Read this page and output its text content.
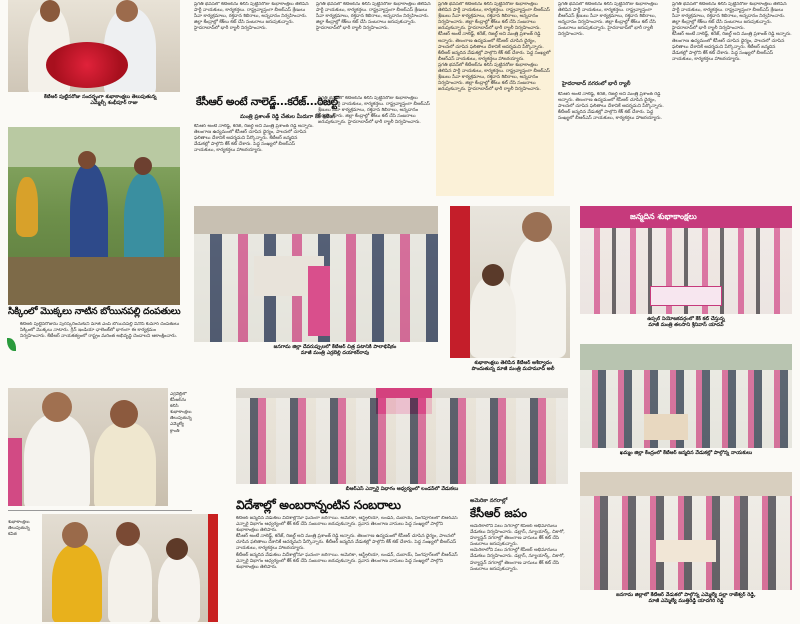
కేటీఆర్‌ పుట్టినరోజు సందర్భంగా శుభాకాంక్షలు తెలుపుతున్న
ఎమ్మెల్సీ శంభీపూర్‌ రాజు
సిక్కింలో మొక్కలు నాటిన బోయినపల్లి దంపతులు

కేటీఆర్‌ పుట్టినరోజును పురస్కరించుకుని మాజీ ఎంపీ బోయినపల్లి వినోద్‌ కుమార్‌ దంపతులు సిక్కింలో మొక్కలు నాటారు. గ్రీన్‌ ఇండియా ఛాలెంజ్‌లో భాగంగా ఈ కార్యక్రమం నిర్వహించారు. కేటీఆర్‌ నాయకత్వంలో రాష్ట్రం మరింత అభివృద్ధి చెందాలని ఆకాంక్షించారు.

ఎర్రవెల్లిలో కేసీఆర్‌ను కలిసి శుభాకాంక్షలు తెలుపుతున్న ఎమ్మెల్యే క్రాంతి

శుభాకాంక్షలు తెలుపుతున్న కవిత

ప్రగతి భవన్‌లో కేటీఆర్‌ను కలిసి పుట్టినరోజు శుభాకాంక్షలు తెలిపిన పార్టీ నాయకులు, కార్యకర్తలు. రాష్ట్రవ్యాప్తంగా బీఆర్‌ఎస్‌ శ్రేణులు సేవా కార్యక్రమాలు, రక్తదాన శిబిరాలు, అన్నదానం నిర్వహించారు. జిల్లా కేంద్రాల్లో కేక్‌లు కట్‌ చేసి సంబరాలు జరుపుకున్నారు. హైదరాబాద్‌లో భారీ ర్యాలీ నిర్వహించారు.

ప్రగతి భవన్‌లో కేటీఆర్‌ను కలిసి పుట్టినరోజు శుభాకాంక్షలు తెలిపిన పార్టీ నాయకులు, కార్యకర్తలు. రాష్ట్రవ్యాప్తంగా బీఆర్‌ఎస్‌ శ్రేణులు సేవా కార్యక్రమాలు, రక్తదాన శిబిరాలు, అన్నదానం నిర్వహించారు. జిల్లా కేంద్రాల్లో కేక్‌లు కట్‌ చేసి సంబరాలు జరుపుకున్నారు. హైదరాబాద్‌లో భారీ ర్యాలీ నిర్వహించారు.

ప్రగతి భవన్‌లో కేటీఆర్‌ను కలిసి పుట్టినరోజు శుభాకాంక్షలు తెలిపిన పార్టీ నాయకులు, కార్యకర్తలు. రాష్ట్రవ్యాప్తంగా బీఆర్‌ఎస్‌ శ్రేణులు సేవా కార్యక్రమాలు, రక్తదాన శిబిరాలు, అన్నదానం నిర్వహించారు. జిల్లా కేంద్రాల్లో కేక్‌లు కట్‌ చేసి సంబరాలు జరుపుకున్నారు. హైదరాబాద్‌లో భారీ ర్యాలీ నిర్వహించారు.

కేసీఆర్‌ అంటే నాలెడ్జ్‌, కరేజ్‌, రిజల్ట్‌ అని మంత్రి ప్రశాంత్‌ రెడ్డి అన్నారు. తెలంగాణ ఉద్యమంలో కేసీఆర్‌ చూపిన ధైర్యం, పాలనలో చూపిన ఫలితాలు దేశానికే ఆదర్శమని పేర్కొన్నారు. కేటీఆర్‌ జన్మదిన వేడుకల్లో పాల్గొని కేక్‌ కట్‌ చేశారు. పెద్ద సంఖ్యలో బీఆర్‌ఎస్‌ నాయకులు, కార్యకర్తలు హాజరయ్యారు.

ప్రగతి భవన్‌లో కేటీఆర్‌ను కలిసి పుట్టినరోజు శుభాకాంక్షలు తెలిపిన పార్టీ నాయకులు, కార్యకర్తలు. రాష్ట్రవ్యాప్తంగా బీఆర్‌ఎస్‌ శ్రేణులు సేవా కార్యక్రమాలు, రక్తదాన శిబిరాలు, అన్నదానం నిర్వహించారు. జిల్లా కేంద్రాల్లో కేక్‌లు కట్‌ చేసి సంబరాలు జరుపుకున్నారు. హైదరాబాద్‌లో భారీ ర్యాలీ నిర్వహించారు.

కేసీఆర్‌ అంటే నాలెడ్జ్‌...కరేజ్‌...రిజల్ట్
మంత్రి ప్రశాంత్‌ రెడ్డి చేతుల మీదుగా కేక్‌ కటింగ్

కేసీఆర్‌ అంటే నాలెడ్జ్‌, కరేజ్‌, రిజల్ట్‌ అని మంత్రి ప్రశాంత్‌ రెడ్డి అన్నారు. తెలంగాణ ఉద్యమంలో కేసీఆర్‌ చూపిన ధైర్యం, పాలనలో చూపిన ఫలితాలు దేశానికే ఆదర్శమని పేర్కొన్నారు. కేటీఆర్‌ జన్మదిన వేడుకల్లో పాల్గొని కేక్‌ కట్‌ చేశారు. పెద్ద సంఖ్యలో బీఆర్‌ఎస్‌ నాయకులు, కార్యకర్తలు హాజరయ్యారు.

ప్రగతి భవన్‌లో కేటీఆర్‌ను కలిసి పుట్టినరోజు శుభాకాంక్షలు తెలిపిన పార్టీ నాయకులు, కార్యకర్తలు. రాష్ట్రవ్యాప్తంగా బీఆర్‌ఎస్‌ శ్రేణులు సేవా కార్యక్రమాలు, రక్తదాన శిబిరాలు, అన్నదానం నిర్వహించారు. జిల్లా కేంద్రాల్లో కేక్‌లు కట్‌ చేసి సంబరాలు జరుపుకున్నారు. హైదరాబాద్‌లో భారీ ర్యాలీ నిర్వహించారు.

ప్రగతి భవన్‌లో కేటీఆర్‌ను కలిసి పుట్టినరోజు శుభాకాంక్షలు తెలిపిన పార్టీ నాయకులు, కార్యకర్తలు. రాష్ట్రవ్యాప్తంగా బీఆర్‌ఎస్‌ శ్రేణులు సేవా కార్యక్రమాలు, రక్తదాన శిబిరాలు, అన్నదానం నిర్వహించారు. జిల్లా కేంద్రాల్లో కేక్‌లు కట్‌ చేసి సంబరాలు జరుపుకున్నారు. హైదరాబాద్‌లో భారీ ర్యాలీ నిర్వహించారు.

ప్రగతి భవన్‌లో కేటీఆర్‌ను కలిసి పుట్టినరోజు శుభాకాంక్షలు తెలిపిన పార్టీ నాయకులు, కార్యకర్తలు. రాష్ట్రవ్యాప్తంగా బీఆర్‌ఎస్‌ శ్రేణులు సేవా కార్యక్రమాలు, రక్తదాన శిబిరాలు, అన్నదానం నిర్వహించారు. జిల్లా కేంద్రాల్లో కేక్‌లు కట్‌ చేసి సంబరాలు జరుపుకున్నారు. హైదరాబాద్‌లో భారీ ర్యాలీ నిర్వహించారు.

కేసీఆర్‌ అంటే నాలెడ్జ్‌, కరేజ్‌, రిజల్ట్‌ అని మంత్రి ప్రశాంత్‌ రెడ్డి అన్నారు. తెలంగాణ ఉద్యమంలో కేసీఆర్‌ చూపిన ధైర్యం, పాలనలో చూపిన ఫలితాలు దేశానికే ఆదర్శమని పేర్కొన్నారు. కేటీఆర్‌ జన్మదిన వేడుకల్లో పాల్గొని కేక్‌ కట్‌ చేశారు. పెద్ద సంఖ్యలో బీఆర్‌ఎస్‌ నాయకులు, కార్యకర్తలు హాజరయ్యారు.

హైదరాబాద్‌ నగరంలో భారీ ర్యాలీ

కేసీఆర్‌ అంటే నాలెడ్జ్‌, కరేజ్‌, రిజల్ట్‌ అని మంత్రి ప్రశాంత్‌ రెడ్డి అన్నారు. తెలంగాణ ఉద్యమంలో కేసీఆర్‌ చూపిన ధైర్యం, పాలనలో చూపిన ఫలితాలు దేశానికే ఆదర్శమని పేర్కొన్నారు. కేటీఆర్‌ జన్మదిన వేడుకల్లో పాల్గొని కేక్‌ కట్‌ చేశారు. పెద్ద సంఖ్యలో బీఆర్‌ఎస్‌ నాయకులు, కార్యకర్తలు హాజరయ్యారు.

జనగామ జిల్లా దేవరుప్పులలో కేటీఆర్‌ చిత్ర పటానికి పాలాభిషేకం
మాజీ మంత్రి ఎర్రబెల్లి దయాకర్‌రావు
శుభాకాంక్షలు తెలిపిన కేటీఆర్‌ ఆశీర్వాదం
పొందుతున్న మాజీ మంత్రి మహమూద్‌ అలీ
జన్మదిన శుభాకాంక్షలు
ఉప్పల్‌ నియోజకవర్గంలో కేక్‌ కట్‌ చేస్తున్న
మాజీ మంత్రి తలసాని శ్రీనివాస్‌ యాదవ్‌
ఖమ్మం జిల్లా కేంద్రంలో కేటీఆర్‌ జన్మదిన వేడుకల్లో పాల్గొన్న నాయకులు
బీఆర్‌ఎస్‌ ఎన్నారై విభాగం ఆధ్వర్యంలో లండన్‌లో వేడుకలు
విదేశాల్లో అంబరాన్నంటిన సంబరాలు

కేటీఆర్‌ జన్మదిన వేడుకలు విదేశాల్లోనూ ఘనంగా జరిగాయి. అమెరికా, ఆస్ట్రేలియా, లండన్‌, దుబాయ్‌, సింగపూర్‌లలో బీఆర్‌ఎస్‌ ఎన్నారై విభాగం ఆధ్వర్యంలో కేక్‌ కట్‌ చేసి సంబరాలు జరుపుకున్నారు. ప్రవాస తెలంగాణ వాసులు పెద్ద సంఖ్యలో పాల్గొని శుభాకాంక్షలు తెలిపారు.

కేసీఆర్‌ అంటే నాలెడ్జ్‌, కరేజ్‌, రిజల్ట్‌ అని మంత్రి ప్రశాంత్‌ రెడ్డి అన్నారు. తెలంగాణ ఉద్యమంలో కేసీఆర్‌ చూపిన ధైర్యం, పాలనలో చూపిన ఫలితాలు దేశానికే ఆదర్శమని పేర్కొన్నారు. కేటీఆర్‌ జన్మదిన వేడుకల్లో పాల్గొని కేక్‌ కట్‌ చేశారు. పెద్ద సంఖ్యలో బీఆర్‌ఎస్‌ నాయకులు, కార్యకర్తలు హాజరయ్యారు.

కేటీఆర్‌ జన్మదిన వేడుకలు విదేశాల్లోనూ ఘనంగా జరిగాయి. అమెరికా, ఆస్ట్రేలియా, లండన్‌, దుబాయ్‌, సింగపూర్‌లలో బీఆర్‌ఎస్‌ ఎన్నారై విభాగం ఆధ్వర్యంలో కేక్‌ కట్‌ చేసి సంబరాలు జరుపుకున్నారు. ప్రవాస తెలంగాణ వాసులు పెద్ద సంఖ్యలో పాల్గొని శుభాకాంక్షలు తెలిపారు.

అమెరికా నగరాల్లో
కేసీఆర్‌ జపం

అమెరికాలోని పలు నగరాల్లో కేసీఆర్‌ అభిమానులు వేడుకలు నిర్వహించారు. డల్లాస్‌, న్యూయార్క్‌, చికాగో, హ్యూస్టన్‌ నగరాల్లో తెలంగాణ వాసులు కేక్‌ కట్‌ చేసి సంబరాలు జరుపుకున్నారు.

అమెరికాలోని పలు నగరాల్లో కేసీఆర్‌ అభిమానులు వేడుకలు నిర్వహించారు. డల్లాస్‌, న్యూయార్క్‌, చికాగో, హ్యూస్టన్‌ నగరాల్లో తెలంగాణ వాసులు కేక్‌ కట్‌ చేసి సంబరాలు జరుపుకున్నారు.

జనగామ జిల్లాలో కేటీఆర్‌ వేడుకలో పాల్గొన్న ఎమ్మెల్యే పల్లా రాజేశ్వర్‌ రెడ్డి,
మాజీ ఎమ్మెల్యే ముత్తిరెడ్డి యాదగిరి రెడ్డి
